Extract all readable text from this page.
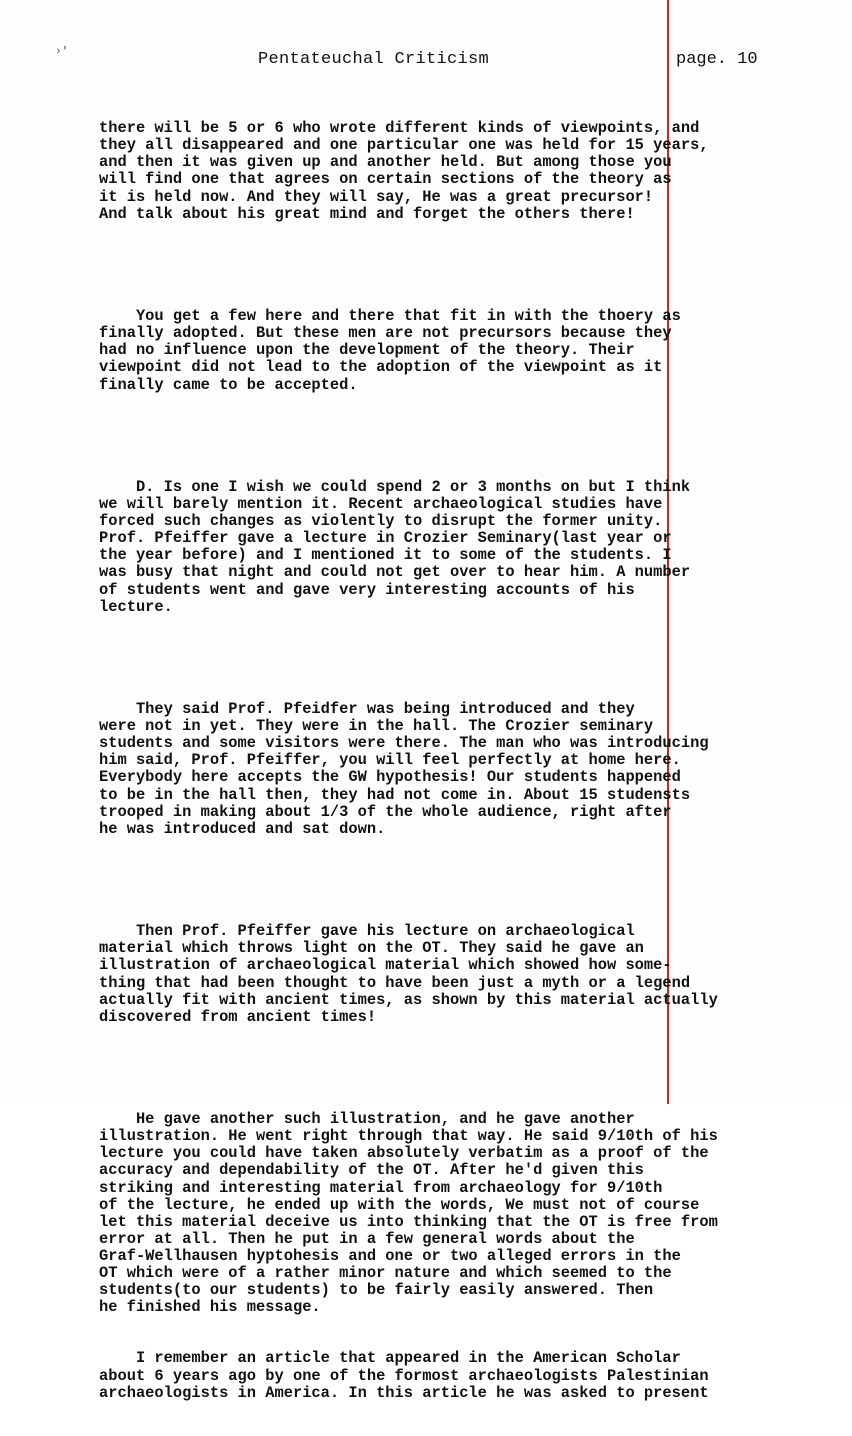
›'	Pentateuchal Criticism	page. 10

there will be 5 or 6 who wrote different kinds of viewpoints, and
they all disappeared and one particular one was held for 15 years,
and then it was given up and another held. But among those you
will find one that agrees on certain sections of the theory as
it is held now. And they will say, He was a great precursor!
And talk about his great mind and forget the others there!

You get a few here and there that fit in with the thoery as
finally adopted. But these men are not precursors because they
had no influence upon the development of the theory. Their
viewpoint did not lead to the adoption of the viewpoint as it
finally came to be accepted.

D. Is one I wish we could spend 2 or 3 months on but I think
we will barely mention it. Recent archaeological studies have
forced such changes as violently to disrupt the former unity.
Prof. Pfeiffer gave a lecture in Crozier Seminary(last year or
the year before) and I mentioned it to some of the students. I
was busy that night and could not get over to hear him. A number
of students went and gave very interesting accounts of his
lecture.

They said Prof. Pfeidfer was being introduced and they
were not in yet. They were in the hall. The Crozier seminary
students and some visitors were there. The man who was introducing
him said, Prof. Pfeiffer, you will feel perfectly at home here.
Everybody here accepts the GW hypothesis! Our students happened
to be in the hall then, they had not come in. About 15 studensts
trooped in making about 1/3 of the whole audience, right after
he was introduced and sat down.

Then Prof. Pfeiffer gave his lecture on archaeological
material which throws light on the OT. They said he gave an
illustration of archaeological material which showed how some-
thing that had been thought to have been just a myth or a legend
actually fit with ancient times, as shown by this material actually
discovered from ancient times!

He gave another such illustration, and he gave another
illustration. He went right through that way. He said 9/10th of his
lecture you could have taken absolutely verbatim as a proof of the
accuracy and dependability of the OT. After he'd given this
striking and interesting material from archaeology for 9/10th
of the lecture, he ended up with the words, We must not of course
let this material deceive us into thinking that the OT is free from
error at all. Then he put in a few general words about the
Graf-Wellhausen hyptohesis and one or two alleged errors in the
OT which were of a rather minor nature and which seemed to the
students(to our students) to be fairly easily answered. Then
he finished his message.

I remember an article that appeared in the American Scholar
about 6 years ago by one of the formost archaeologists Palestinian
archaeologists in America. In this article he was asked to present
